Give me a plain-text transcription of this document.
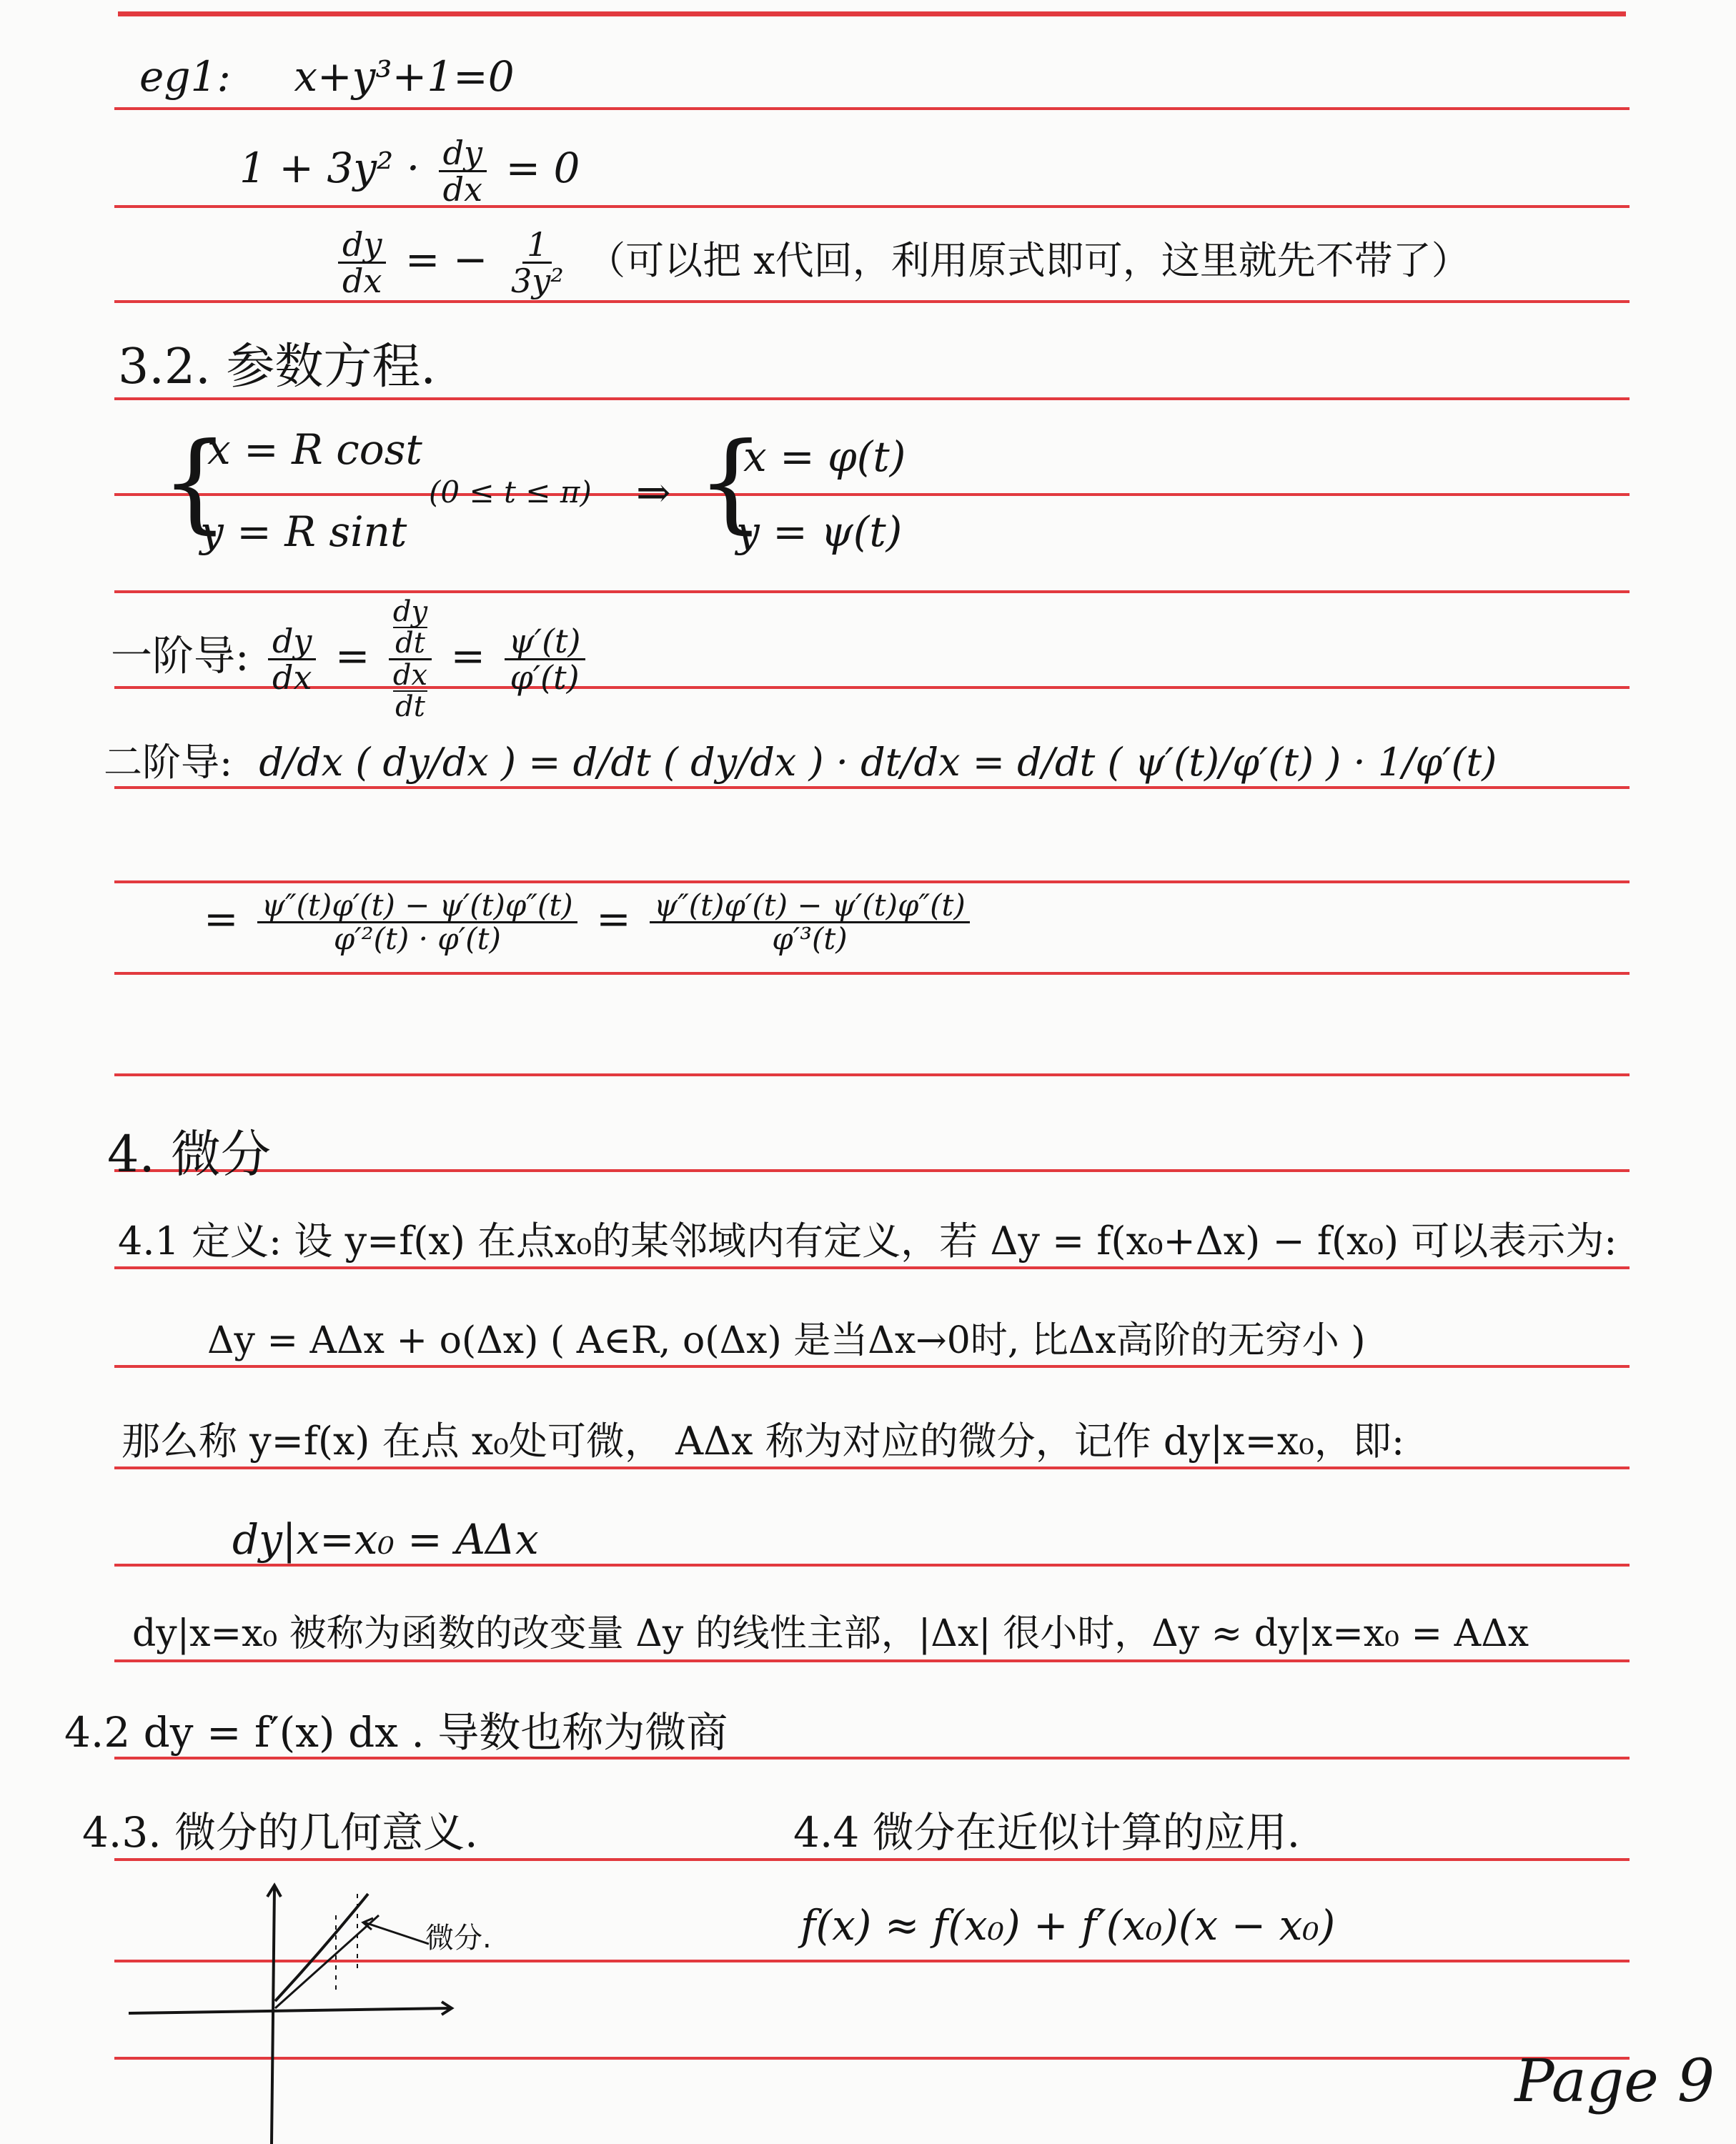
eg1: x+y³+1=0
$1 + 3y^2 \cdot \frac{dy}{dx} = 0$
$\frac{dy}{dx}$ = − $\frac{1}{\text{3y²}}$ （可以把 x代回，利用原式即可，这里就先不带了）
3.2. 参数方程.
{
x = R cost
y = R sint
(0 ≤ t ≤ π) ⇒ {
x = φ(t)
y = ψ(t)
一阶导: $\frac{dy}{dx} = \frac{\frac{dy}{dt}}{\frac{dx}{dt}} = \frac{\psi'(t)}{\varphi'(t)}$
二阶导: d/dx ( dy/dx ) = d/dt ( dy/dx ) · dt/dx = d/dt ( ψ′(t)/φ′(t) ) · 1/φ′(t)
= $\frac{\psi''(t)\varphi'(t) - \psi'(t)\varphi''(t)}{\text{φ′²(t) · φ′(t)}} = \frac{\psi''(t)\varphi'(t) - \psi'(t)\varphi''(t)}{\text{φ′³(t)}}$
4. 微分
4.1 定义: 设 y=f(x) 在点x₀的某邻域内有定义，若 Δy = f(x₀+Δx) − f(x₀) 可以表示为:
Δy = AΔx + o(Δx) ( A∈R, o(Δx) 是当Δx→0时, 比Δx高阶的无穷小 )
那么称 y=f(x) 在点 x₀处可微， AΔx 称为对应的微分，记作 dy|x=x₀，即:
dy|x=x₀ = AΔx
dy|x=x₀ 被称为函数的改变量 Δy 的线性主部，|Δx| 很小时，Δy ≈ dy|x=x₀ = AΔx
4.2 dy = f′(x) dx . 导数也称为微商
4.3. 微分的几何意义.	4.4 微分在近似计算的应用.
f(x) ≈ f(x₀) + f′(x₀)(x − x₀)
微分.
Page 9
